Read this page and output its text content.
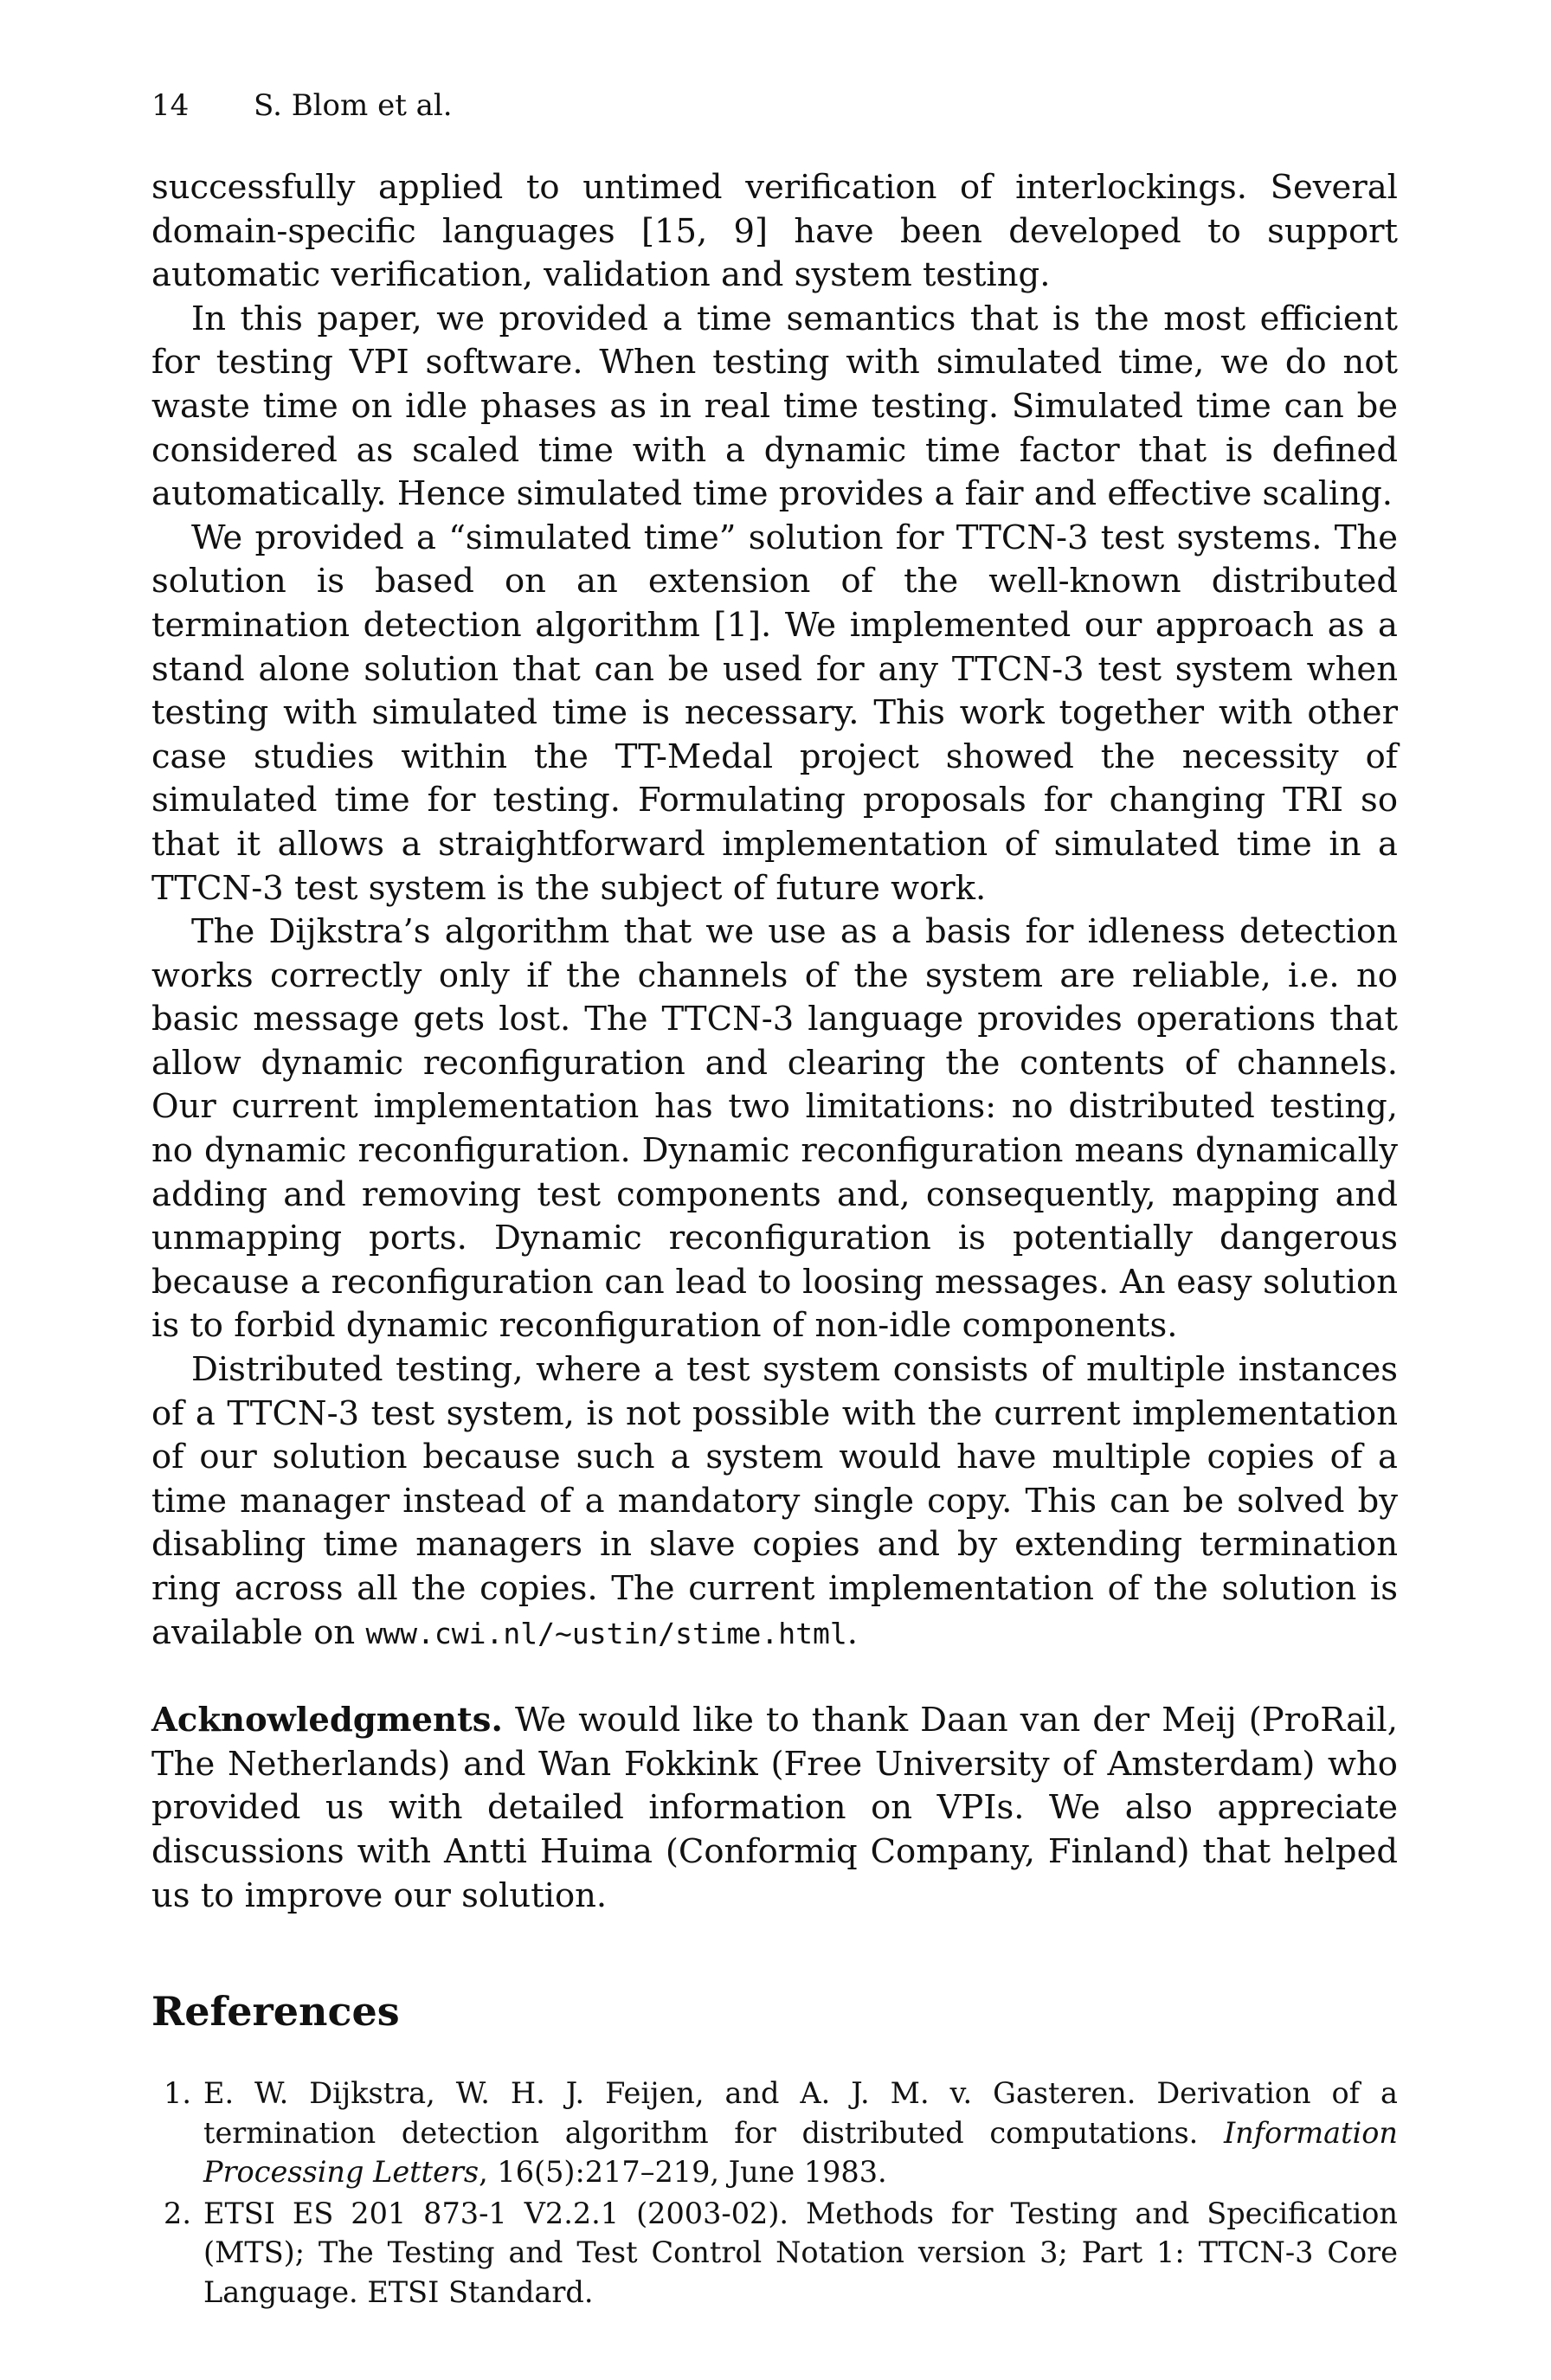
14	S. Blom et al.

successfully applied to untimed verification of interlockings. Several domain-specific languages [15, 9] have been developed to support automatic verification, validation and system testing.

In this paper, we provided a time semantics that is the most efficient for testing VPI software. When testing with simulated time, we do not waste time on idle phases as in real time testing. Simulated time can be considered as scaled time with a dynamic time factor that is defined automatically. Hence simulated time provides a fair and effective scaling.

We provided a “simulated time” solution for TTCN-3 test systems. The solution is based on an extension of the well-known distributed termination detection algorithm [1]. We implemented our approach as a stand alone solution that can be used for any TTCN-3 test system when testing with simulated time is necessary. This work together with other case studies within the TT-Medal project showed the necessity of simulated time for testing. Formulating proposals for changing TRI so that it allows a straightforward implementation of simulated time in a TTCN-3 test system is the subject of future work.

The Dijkstra’s algorithm that we use as a basis for idleness detection works correctly only if the channels of the system are reliable, i.e. no basic message gets lost. The TTCN-3 language provides operations that allow dynamic reconfiguration and clearing the contents of channels. Our current implementation has two limitations: no distributed testing, no dynamic reconfiguration. Dynamic reconfiguration means dynamically adding and removing test components and, consequently, mapping and unmapping ports. Dynamic reconfiguration is potentially dangerous because a reconfiguration can lead to loosing messages. An easy solution is to forbid dynamic reconfiguration of non-idle components.

Distributed testing, where a test system consists of multiple instances of a TTCN-3 test system, is not possible with the current implementation of our solution because such a system would have multiple copies of a time manager instead of a mandatory single copy. This can be solved by disabling time managers in slave copies and by extending termination ring across all the copies. The current implementation of the solution is available on www.cwi.nl/∼ustin/stime.html.

Acknowledgments. We would like to thank Daan van der Meij (ProRail, The Netherlands) and Wan Fokkink (Free University of Amsterdam) who provided us with detailed information on VPIs. We also appreciate discussions with Antti Huima (Conformiq Company, Finland) that helped us to improve our solution.
References
1. E. W. Dijkstra, W. H. J. Feijen, and A. J. M. v. Gasteren. Derivation of a termination detection algorithm for distributed computations. Information Processing Letters, 16(5):217–219, June 1983.
2. ETSI ES 201 873-1 V2.2.1 (2003-02). Methods for Testing and Specification (MTS); The Testing and Test Control Notation version 3; Part 1: TTCN-3 Core Language. ETSI Standard.
